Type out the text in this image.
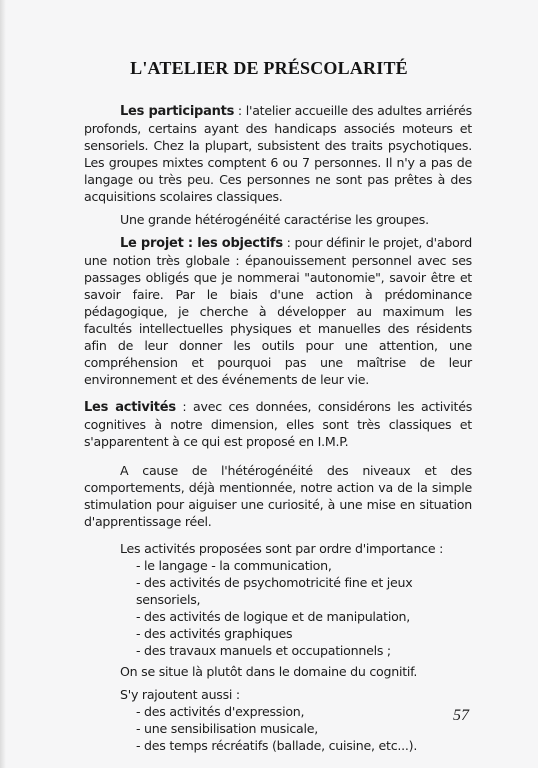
L'ATELIER DE PRÉSCOLARITÉ

Les participants : l'atelier accueille des adultes arriérés profonds, certains ayant des handicaps associés moteurs et sensoriels. Chez la plupart, subsistent des traits psychotiques. Les groupes mixtes comptent 6 ou 7 personnes. Il n'y a pas de langage ou très peu. Ces personnes ne sont pas prêtes à des acquisitions scolaires classiques.

Une grande hétérogénéité caractérise les groupes.

Le projet : les objectifs : pour définir le projet, d'abord une notion très globale : épanouissement personnel avec ses passages obligés que je nommerai "autonomie", savoir être et savoir faire. Par le biais d'une action à prédominance pédagogique, je cherche à développer au maximum les facultés intellectuelles physiques et manuelles des résidents afin de leur donner les outils pour une attention, une compréhension et pourquoi pas une maîtrise de leur environnement et des événements de leur vie.

Les activités : avec ces données, considérons les activités cognitives à notre dimension, elles sont très classiques et s'apparentent à ce qui est proposé en I.M.P.

A cause de l'hétérogénéité des niveaux et des comportements, déjà mentionnée, notre action va de la simple stimulation pour aiguiser une curiosité, à une mise en situation d'apprentissage réel.

Les activités proposées sont par ordre d'importance :
- le langage - la communication,
- des activités de psychomotricité fine et jeux sensoriels,
- des activités de logique et de manipulation,
- des activités graphiques
- des travaux manuels et occupationnels ;
On se situe là plutôt dans le domaine du cognitif.
S'y rajoutent aussi :
- des activités d'expression,
- une sensibilisation musicale,
- des temps récréatifs (ballade, cuisine, etc...).
57
